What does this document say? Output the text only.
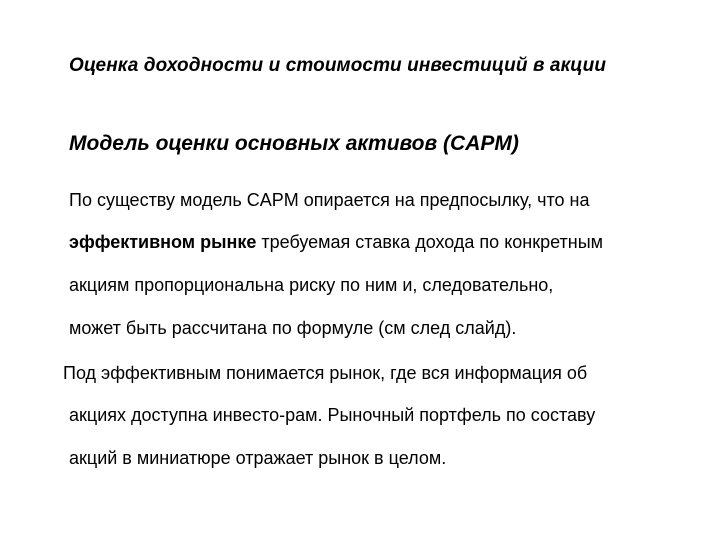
Оценка доходности и стоимости инвестиций в акции
Модель оценки основных активов (CAPM)
По существу модель CAPM опирается на предпосылку, что на
эффективном рынке требуемая ставка дохода по конкретным
акциям пропорциональна риску по ним и, следовательно,
может быть рассчитана по формуле (см след слайд).
Под эффективным понимается рынок, где вся информация об
акциях доступна инвесто-рам. Рыночный портфель по составу
акций в миниатюре отражает рынок в целом.
